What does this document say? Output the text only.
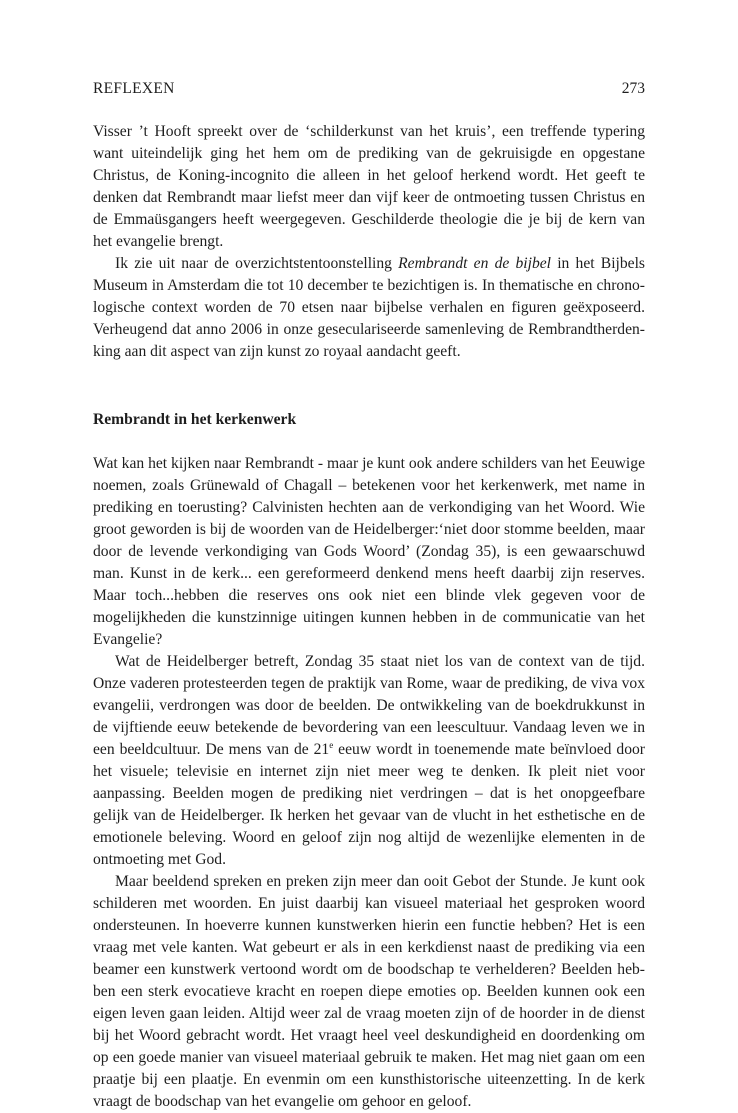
REFLEXEN	273

Visser ’t Hooft spreekt over de ‘schilderkunst van het kruis’, een treffende typering want uiteindelijk ging het hem om de prediking van de gekruisigde en opgestane Christus, de Koning-incognito die alleen in het geloof herkend wordt. Het geeft te denken dat Rembrandt maar liefst meer dan vijf keer de ontmoeting tussen Christus en de Emmaüsgangers heeft weergegeven. Geschilderde theologie die je bij de kern van het evangelie brengt.

Ik zie uit naar de overzichtstentoonstelling Rembrandt en de bijbel in het Bijbels Museum in Amsterdam die tot 10 december te bezichtigen is. In thematische en chronologische context worden de 70 etsen naar bijbelse verhalen en figuren geëxposeerd. Verheugend dat anno 2006 in onze geseculariseerde samenleving de Rembrandtherdenking aan dit aspect van zijn kunst zo royaal aandacht geeft.

Rembrandt in het kerkenwerk

Wat kan het kijken naar Rembrandt - maar je kunt ook andere schilders van het Eeuwige noemen, zoals Grünewald of Chagall – betekenen voor het kerkenwerk, met name in prediking en toerusting? Calvinisten hechten aan de verkondiging van het Woord. Wie groot geworden is bij de woorden van de Heidelberger:‘niet door stomme beelden, maar door de levende verkondiging van Gods Woord’ (Zondag 35), is een gewaarschuwd man. Kunst in de kerk... een gereformeerd denkend mens heeft daarbij zijn reserves. Maar toch...hebben die reserves ons ook niet een blinde vlek gegeven voor de mogelijkheden die kunstzinnige uitingen kunnen hebben in de communicatie van het Evangelie?

Wat de Heidelberger betreft, Zondag 35 staat niet los van de context van de tijd. Onze vaderen protesteerden tegen de praktijk van Rome, waar de prediking, de viva vox evangelii, verdrongen was door de beelden. De ontwikkeling van de boekdrukkunst in de vijftiende eeuw betekende de bevordering van een leescultuur. Vandaag leven we in een beeldcultuur. De mens van de 21e eeuw wordt in toenemende mate beïnvloed door het visuele; televisie en internet zijn niet meer weg te denken. Ik pleit niet voor aanpassing. Beelden mogen de prediking niet verdringen – dat is het onopgeefbare gelijk van de Heidelberger. Ik herken het gevaar van de vlucht in het esthetische en de emotionele beleving. Woord en geloof zijn nog altijd de wezenlijke elementen in de ontmoeting met God.

Maar beeldend spreken en preken zijn meer dan ooit Gebot der Stunde. Je kunt ook schilderen met woorden. En juist daarbij kan visueel materiaal het gesproken woord ondersteunen. In hoeverre kunnen kunstwerken hierin een functie hebben? Het is een vraag met vele kanten. Wat gebeurt er als in een kerkdienst naast de prediking via een beamer een kunstwerk vertoond wordt om de boodschap te verhelderen? Beelden hebben een sterk evocatieve kracht en roepen diepe emoties op. Beelden kunnen ook een eigen leven gaan leiden. Altijd weer zal de vraag moeten zijn of de hoorder in de dienst bij het Woord gebracht wordt. Het vraagt heel veel deskundigheid en doordenking om op een goede manier van visueel materiaal gebruik te maken. Het mag niet gaan om een praatje bij een plaatje. En evenmin om een kunsthistorische uiteenzetting. In de kerk vraagt de boodschap van het evangelie om gehoor en geloof.
